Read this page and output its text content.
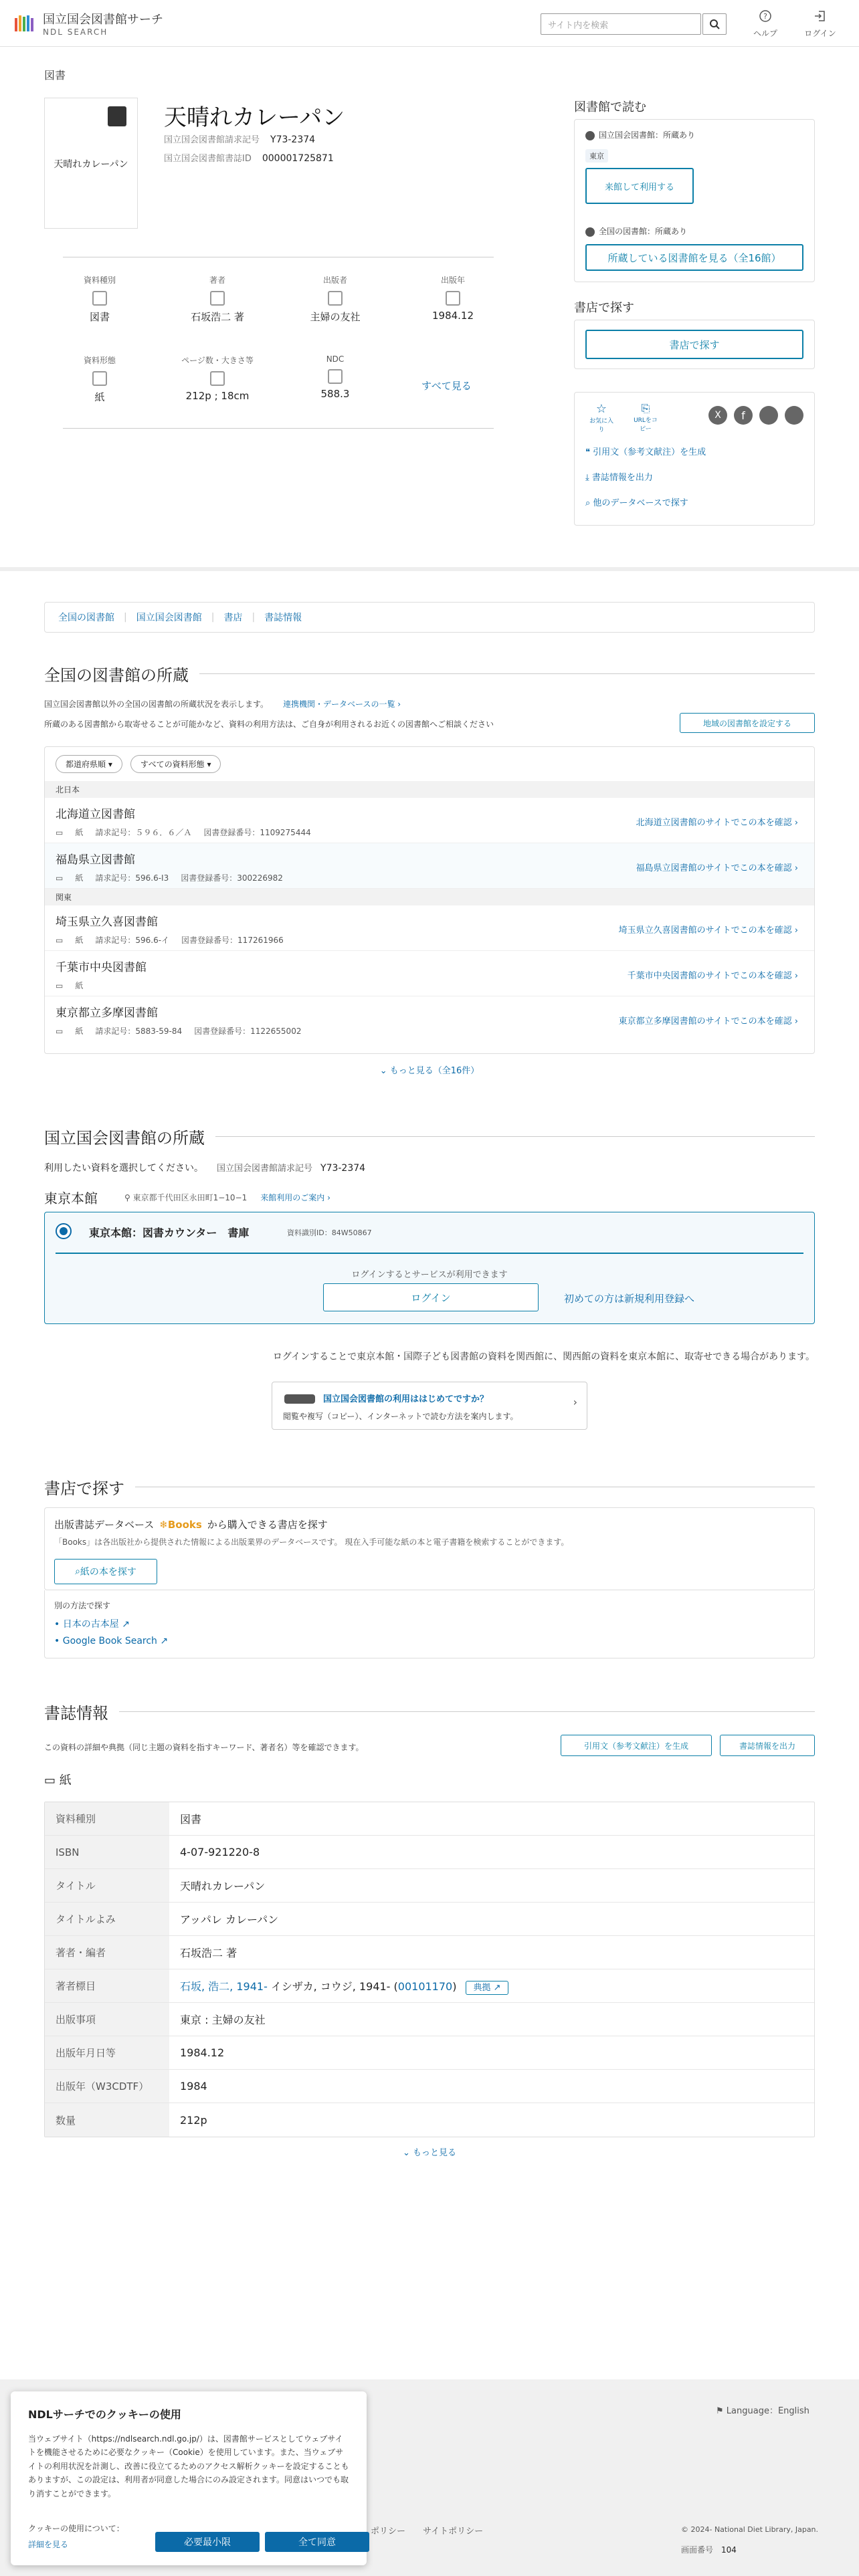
国立国会図書館サーチ
NDL SEARCH
サイト内を検索
?
ヘルプ	ログイン
図書
天晴れカレーパン
天晴れカレーパン
国立国会図書館請求記号 Y73-2374
国立国会図書館書誌ID 000001725871
資料種別
図書
著者
石坂浩二 著
出版者
主婦の友社
出版年
1984.12
資料形態
紙
ページ数・大きさ等
212p ; 18cm
NDC
588.3
すべて見る
図書館で読む
国立国会図書館：所蔵あり
東京
来館して利用する
全国の図書館：所蔵あり
所蔵している図書館を見る（全16館）
書店で探す
書店で探す
☆
お気に入り
⎘
URLをコピー
X	f
❝ 引用文（参考文献注）を生成
⤓ 書誌情報を出力
⌕ 他のデータベースで探す
全国の図書館 | 国立国会図書館 | 書店 | 書誌情報
全国の図書館の所蔵
国立国会図書館以外の全国の図書館の所蔵状況を表示します。 連携機関・データベースの一覧 ›
所蔵のある図書館から取寄せることが可能かなど、資料の利用方法は、ご自身が利用されるお近くの図書館へご相談ください	地域の図書館を設定する
都道府県順 ▾	すべての資料形態 ▾
北日本
北海道立図書館
▭ 紙 請求記号：５９６．６／Ａ 図書登録番号：1109275444
北海道立図書館のサイトでこの本を確認 ›
福島県立図書館
▭ 紙 請求記号：596.6-I3 図書登録番号：300226982
福島県立図書館のサイトでこの本を確認 ›
関東
埼玉県立久喜図書館
▭ 紙 請求記号：596.6-イ 図書登録番号：117261966
埼玉県立久喜図書館のサイトでこの本を確認 ›
千葉市中央図書館
▭ 紙
千葉市中央図書館のサイトでこの本を確認 ›
東京都立多摩図書館
▭ 紙 請求記号：5883-59-84 図書登録番号：1122655002
東京都立多摩図書館のサイトでこの本を確認 ›
⌄ もっと見る（全16件）
国立国会図書館の所蔵
利用したい資料を選択してください。 国立国会図書館請求記号 Y73-2374
東京本館	⚲ 東京都千代田区永田町1−10−1 来館利用のご案内 ›
東京本館：図書カウンター　書庫	資料識別ID：84W50867
ログインするとサービスが利用できます
ログイン	初めての方は新規利用登録へ
ログインすることで東京本館・国際子ども図書館の資料を関西館に、関西館の資料を東京本館に、取寄せできる場合があります。
国立国会図書館の利用ははじめてですか？
閲覧や複写（コピー）、インターネットで読む方法を案内します。
›
書店で探す
出版書誌データベース ❄Books から購入できる書店を探す
「Books」は各出版社から提供された情報による出版業界のデータベースです。 現在入手可能な紙の本と電子書籍を検索することができます。
⌕ 紙の本を探す
別の方法で探す
• 日本の古本屋 ↗
• Google Book Search ↗
書誌情報
この資料の詳細や典拠（同じ主題の資料を指すキーワード、著者名）等を確認できます。	引用文（参考文献注）を生成	書誌情報を出力
▭ 紙
資料種別	図書
ISBN	4-07-921220-8
タイトル	天晴れカレーパン
タイトルよみ	アッパレ カレーパン
著者・編者	石坂浩二 著
著者標目	石坂, 浩二, 1941- イシザカ, コウジ, 1941- (00101170) 典拠 ↗
出版事項	東京 : 主婦の友社
出版年月日等	1984.12
出版年（W3CDTF）	1984
数量	212p
⌄ もっと見る
⚑ Language：English
ポリシー サイトポリシー	© 2024- National Diet Library, Japan.
画面番号 104
NDLサーチでのクッキーの使用
当ウェブサイト（https://ndlsearch.ndl.go.jp/）は、図書館サービスとしてウェブサイトを機能させるために必要なクッキー（Cookie）を使用しています。また、当ウェブサイトの利用状況を計測し、改善に役立てるためのアクセス解析クッキーを設定することもありますが、この設定は、利用者が同意した場合にのみ設定されます。同意はいつでも取り消すことができます。
クッキーの使用について：
詳細を見る	必要最小限	全て同意
